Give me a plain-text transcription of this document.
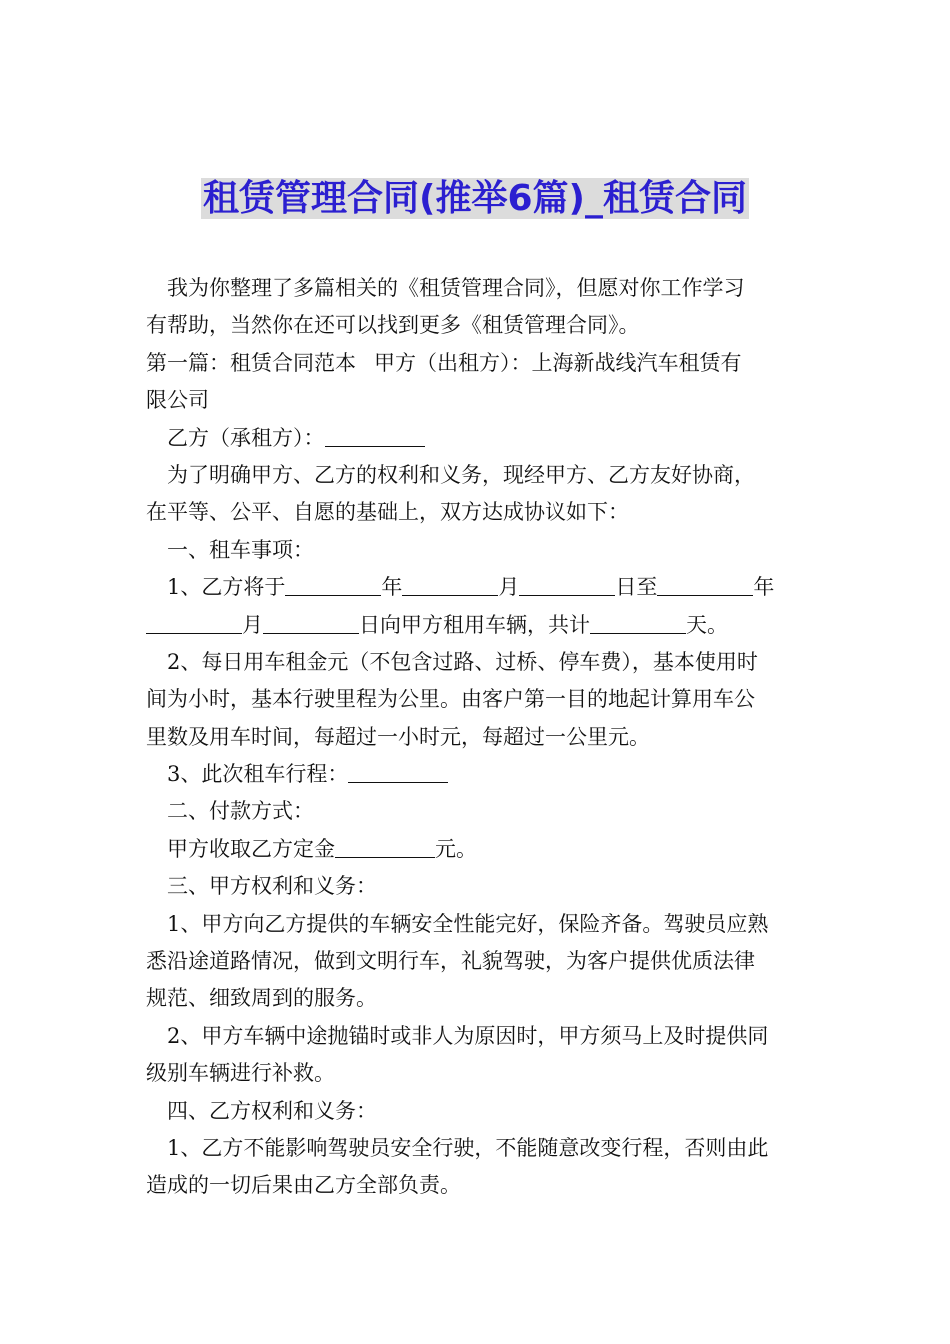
租赁管理合同(推举6篇)_租赁合同
我为你整理了多篇相关的《租赁管理合同》，但愿对你工作学习
有帮助，当然你在还可以找到更多《租赁管理合同》。
第一篇：租赁合同范本 甲方（出租方）：上海新战线汽车租赁有
限公司
乙方（承租方）：
为了明确甲方、乙方的权利和义务，现经甲方、乙方友好协商，
在平等、公平、自愿的基础上，双方达成协议如下：
一、租车事项：
1、乙方将于	年	月	日至	年
月	日向甲方租用车辆，共计	天。
2、每日用车租金元（不包含过路、过桥、停车费），基本使用时
间为小时，基本行驶里程为公里。由客户第一目的地起计算用车公
里数及用车时间，每超过一小时元，每超过一公里元。
3、此次租车行程：
二、付款方式：
甲方收取乙方定金	元。
三、甲方权利和义务：
1、甲方向乙方提供的车辆安全性能完好，保险齐备。驾驶员应熟
悉沿途道路情况，做到文明行车，礼貌驾驶，为客户提供优质法律
规范、细致周到的服务。
2、甲方车辆中途抛锚时或非人为原因时，甲方须马上及时提供同
级别车辆进行补救。
四、乙方权利和义务：
1、乙方不能影响驾驶员安全行驶，不能随意改变行程，否则由此
造成的一切后果由乙方全部负责。
